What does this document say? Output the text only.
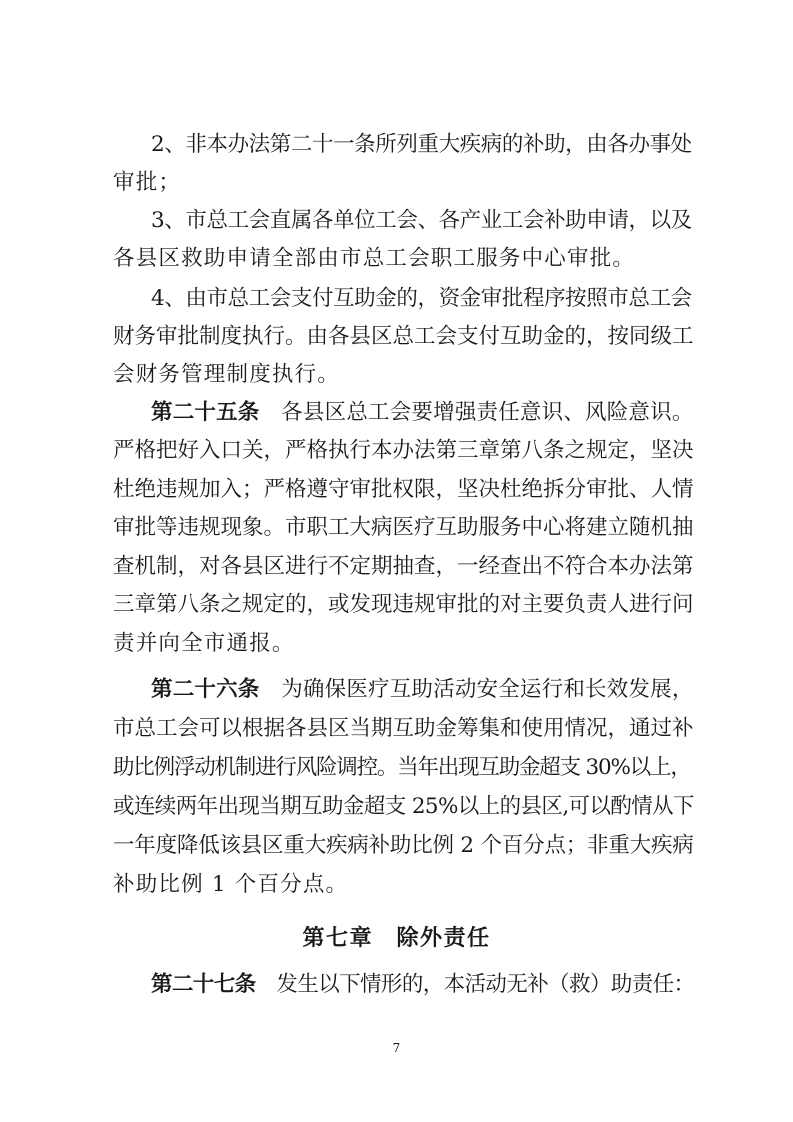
2、非本办法第二十一条所列重大疾病的补助，由各办事处
审批；
3、市总工会直属各单位工会、各产业工会补助申请，以及
各县区救助申请全部由市总工会职工服务中心审批。
4、由市总工会支付互助金的，资金审批程序按照市总工会
财务审批制度执行。由各县区总工会支付互助金的，按同级工
会财务管理制度执行。
第二十五条　 各县区总工会要增强责任意识、风险意识。
严格把好入口关，严格执行本办法第三章第八条之规定，坚决
杜绝违规加入；严格遵守审批权限，坚决杜绝拆分审批、人情
审批等违规现象。市职工大病医疗互助服务中心将建立随机抽
查机制，对各县区进行不定期抽查，一经查出不符合本办法第
三章第八条之规定的，或发现违规审批的对主要负责人进行问
责并向全市通报。
第二十六条　 为确保医疗互助活动安全运行和长效发展，
市总工会可以根据各县区当期互助金筹集和使用情况，通过补
助比例浮动机制进行风险调控。当年出现互助金超支 30%以上，
或连续两年出现当期互助金超支 25%以上的县区,可以酌情从下
一年度降低该县区重大疾病补助比例 2 个百分点；非重大疾病
补助比例 1 个百分点。
第七章　除外责任
第二十七条　 发生以下情形的，本活动无补（救）助责任：
7
